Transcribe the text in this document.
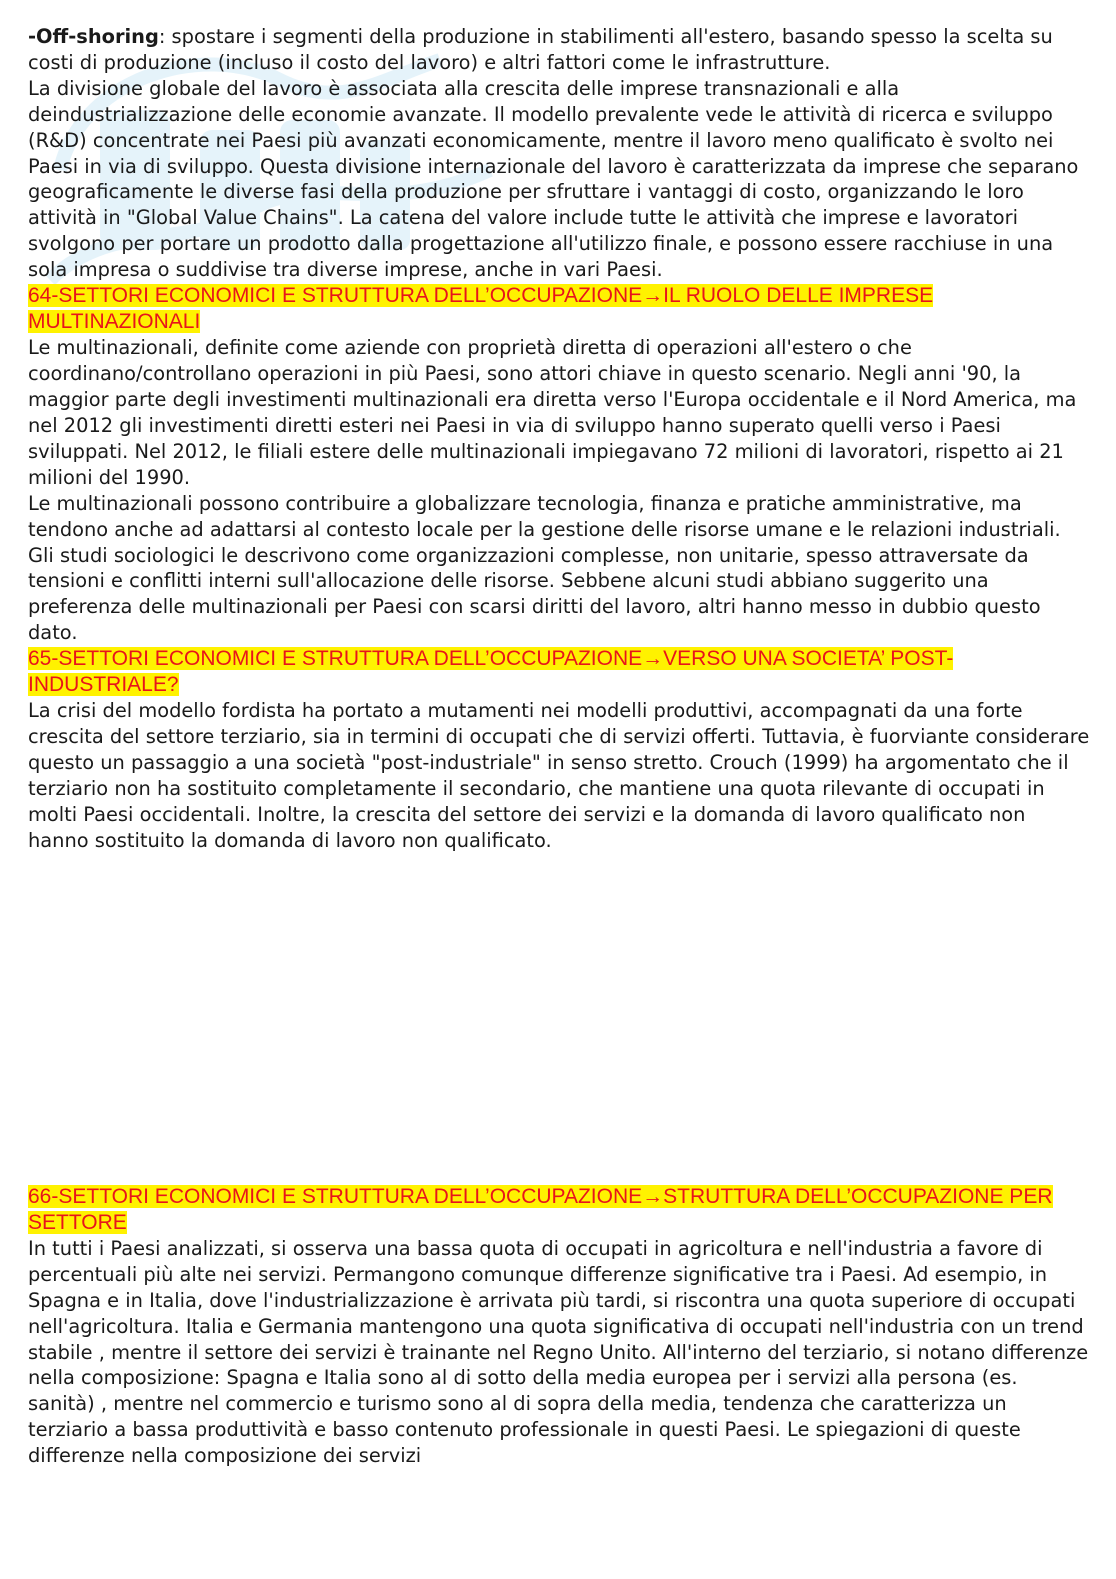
-Off-shoring: spostare i segmenti della produzione in stabilimenti all'estero, basando spesso la scelta su costi di produzione (incluso il costo del lavoro) e altri fattori come le infrastrutture.

La divisione globale del lavoro è associata alla crescita delle imprese transnazionali e alla deindustrializzazione delle economie avanzate. Il modello prevalente vede le attività di ricerca e sviluppo (R&D) concentrate nei Paesi più avanzati economicamente, mentre il lavoro meno qualificato è svolto nei Paesi in via di sviluppo. Questa divisione internazionale del lavoro è caratterizzata da imprese che separano geograficamente le diverse fasi della produzione per sfruttare i vantaggi di costo, organizzando le loro attività in "Global Value Chains". La catena del valore include tutte le attività che imprese e lavoratori svolgono per portare un prodotto dalla progettazione all'utilizzo finale, e possono essere racchiuse in una sola impresa o suddivise tra diverse imprese, anche in vari Paesi.

64-SETTORI ECONOMICI E STRUTTURA DELL’OCCUPAZIONE→IL RUOLO DELLE IMPRESE MULTINAZIONALI

Le multinazionali, definite come aziende con proprietà diretta di operazioni all'estero o che coordinano/controllano operazioni in più Paesi, sono attori chiave in questo scenario. Negli anni '90, la maggior parte degli investimenti multinazionali era diretta verso l'Europa occidentale e il Nord America, ma nel 2012 gli investimenti diretti esteri nei Paesi in via di sviluppo hanno superato quelli verso i Paesi sviluppati. Nel 2012, le filiali estere delle multinazionali impiegavano 72 milioni di lavoratori, rispetto ai 21 milioni del 1990.

Le multinazionali possono contribuire a globalizzare tecnologia, finanza e pratiche amministrative, ma tendono anche ad adattarsi al contesto locale per la gestione delle risorse umane e le relazioni industriali. Gli studi sociologici le descrivono come organizzazioni complesse, non unitarie, spesso attraversate da tensioni e conflitti interni sull'allocazione delle risorse. Sebbene alcuni studi abbiano suggerito una preferenza delle multinazionali per Paesi con scarsi diritti del lavoro, altri hanno messo in dubbio questo dato.

65-SETTORI ECONOMICI E STRUTTURA DELL’OCCUPAZIONE→VERSO UNA SOCIETA’ POST-INDUSTRIALE?

La crisi del modello fordista ha portato a mutamenti nei modelli produttivi, accompagnati da una forte crescita del settore terziario, sia in termini di occupati che di servizi offerti. Tuttavia, è fuorviante considerare questo un passaggio a una società "post-industriale" in senso stretto. Crouch (1999) ha argomentato che il terziario non ha sostituito completamente il secondario, che mantiene una quota rilevante di occupati in molti Paesi occidentali. Inoltre, la crescita del settore dei servizi e la domanda di lavoro qualificato non hanno sostituito la domanda di lavoro non qualificato.

66-SETTORI ECONOMICI E STRUTTURA DELL’OCCUPAZIONE→STRUTTURA DELL’OCCUPAZIONE PER SETTORE

In tutti i Paesi analizzati, si osserva una bassa quota di occupati in agricoltura e nell'industria a favore di percentuali più alte nei servizi. Permangono comunque differenze significative tra i Paesi. Ad esempio, in Spagna e in Italia, dove l'industrializzazione è arrivata più tardi, si riscontra una quota superiore di occupati nell'agricoltura. Italia e Germania mantengono una quota significativa di occupati nell'industria con un trend stabile , mentre il settore dei servizi è trainante nel Regno Unito. All'interno del terziario, si notano differenze nella composizione: Spagna e Italia sono al di sotto della media europea per i servizi alla persona (es. sanità) , mentre nel commercio e turismo sono al di sopra della media, tendenza che caratterizza un terziario a bassa produttività e basso contenuto professionale in questi Paesi. Le spiegazioni di queste differenze nella composizione dei servizi
